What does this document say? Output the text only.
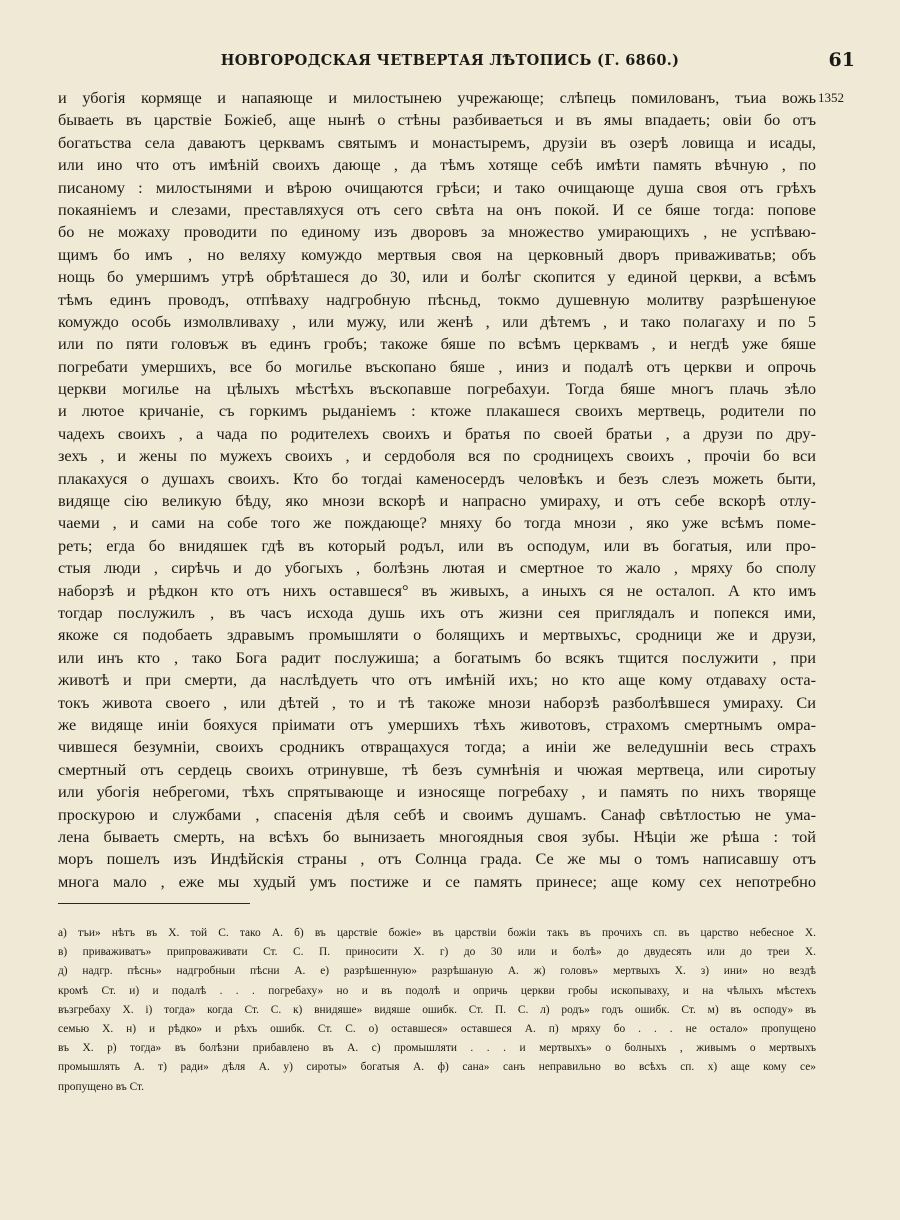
НОВГОРОДСКАЯ ЧЕТВЕРТАЯ ЛѢТОПИСЬ (Г. 6860.)	61
1352
и убогія кормяще и напаяюще и милостынею учрежающе; слѣпець помилованъ, тъиа вожь
бываеть въ царствіе Божіеб, аще нынѣ о стѣны разбиваеться и въ ямы впадаеть; овіи бо отъ
богатьства села даваютъ церквамъ святымъ и монастыремъ, друзіи въ озерѣ ловища и исады,
или ино что отъ имѣній своихъ дающе , да тѣмъ хотяще себѣ имѣти память вѣчную , по
писаному : милостынями и вѣрою очищаются грѣси; и тако очищающе душа своя отъ грѣхъ
покаяніемъ и слезами, преставляхуся отъ сего свѣта на онъ покой. И се бяше тогда: попове
бо не можаху проводити по единому изъ дворовъ за множество умирающихъ , не успѣваю-
щимъ бо имъ , но веляху комуждо мертвыя своя на церковный дворъ приваживатьв; объ
нощь бо умершимъ утрѣ обрѣташеся до 30, или и болѣг скопится у единой церкви, а всѣмъ
тѣмъ единъ проводъ, отпѣваху надгробную пѣсньд, токмо душевную молитву разрѣшенуюе
комуждо особь измолвливаху , или мужу, или женѣ , или дѣтемъ , и тако полагаху и по 5
или по пяти головъж въ единъ гробъ; такоже бяше по всѣмъ церквамъ , и негдѣ уже бяше
погребати умершихъ, все бо могилье въскопано бяше , иниз и подалѣ отъ церкви и опрочь
церкви могилье на цѣлыхъ мѣстѣхъ въскопавше погребахуи. Тогда бяше многъ плачь зѣло
и лютое кричаніе, съ горкимъ рыданіемъ : ктоже плакашеся своихъ мертвець, родители по
чадехъ своихъ , а чада по родителехъ своихъ и братья по своей братьи , а друзи по дру-
зехъ , и жены по мужехъ своихъ , и сердоболя вся по сродницехъ своихъ , прочіи бо вси
плакахуся о душахъ своихъ. Кто бо тогдаі каменосердъ человѣкъ и безъ слезъ можеть быти,
видяще сію великую бѣду, яко мнози вскорѣ и напрасно умираху, и отъ себе вскорѣ отлу-
чаеми , и сами на собе того же пождающе? мняху бо тогда мнози , яко уже всѣмъ поме-
реть; егда бо внидяшек гдѣ въ который родъл, или въ осподум, или въ богатыя, или про-
стыя люди , сирѣчь и до убогыхъ , болѣзнь лютая и смертное то жало , мряху бо сполу
наборзѣ и рѣдкон кто отъ нихъ оставшеся° въ живыхъ, а иныхъ ся не осталоп. А кто имъ
тогдар послужилъ , въ часъ исхода душь ихъ отъ жизни сея приглядалъ и попекся ими,
якоже ся подобаеть здравымъ промышляти о болящихъ и мертвыхъс, сродници же и друзи,
или инъ кто , тако Бога радит послужиша; а богатымъ бо всякъ тщится послужити , при
животѣ и при смерти, да наслѣдуеть что отъ имѣній ихъ; но кто аще кому отдаваху оста-
токъ живота своего , или дѣтей , то и тѣ такоже мнози наборзѣ разболѣвшеся умираху. Си
же видяще иніи бояхуся пріимати отъ умершихъ тѣхъ животовъ, страхомъ смертнымъ омра-
чившеся безумніи, своихъ сродникъ отвращахуся тогда; а иніи же веледушніи весь страхъ
смертный отъ сердець своихъ отринувше, тѣ безъ сумнѣнія и чюжая мертвеца, или сиротыу
или убогія небрегоми, тѣхъ спрятывающе и износяще погребаху , и память по нихъ творяще
проскурою и службами , спасенія дѣля себѣ и своимъ душамъ. Санаф свѣтлостью не ума-
лена бываеть смерть, на всѣхъ бо вынизаеть многоядныя своя зубы. Нѣціи же рѣша : той
моръ пошелъ изъ Индѣйскія страны , отъ Солнца града. Се же мы о томъ написавшу отъ
многа мало , еже мы худый умъ постиже и се память принесе; аще кому сех непотребно
а) тъи» нѣтъ въ Х. той С. тако А. б) въ царствіе божіе» въ царствіи божіи такъ въ прочихъ сп. въ царство небесное Х.
в) приваживатъ» припроваживати Ст. С. П. приносити Х. г) до 30 или и болѣ» до двудесять или до трeи Х.
д) надгр. пѣснь» надгробныи пѣсни А. е) разрѣшенную» разрѣшаную А. ж) головъ» мертвыхъ Х. з) ини» но вездѣ
кромѣ Ст. и) и подалѣ . . . погребаху» но и въ подолѣ и опричь церкви гробы ископываху, и на чѣлыхъ мѣстехъ
възгребаху Х. і) тогда» когда Ст. С. к) внидяше» видяше ошибк. Ст. П. С. л) родъ» годъ ошибк. Ст. м) въ осподу» въ
семью Х. н) и рѣдко» и рѣхъ ошибк. Ст. С. о) оставшеся» оставшеся А. п) мряху бо . . . не остало» пропущено
въ Х. р) тогда» въ болѣзни прибавлено въ А. с) промышляти . . . и мертвыхъ» о болныхъ , живымъ о мертвыхъ
промышлять А. т) ради» дѣля А. у) сироты» богатыя А. ф) сана» санъ неправильно во всѣхъ сп. х) аще кому се»
пропущено въ Ст.
